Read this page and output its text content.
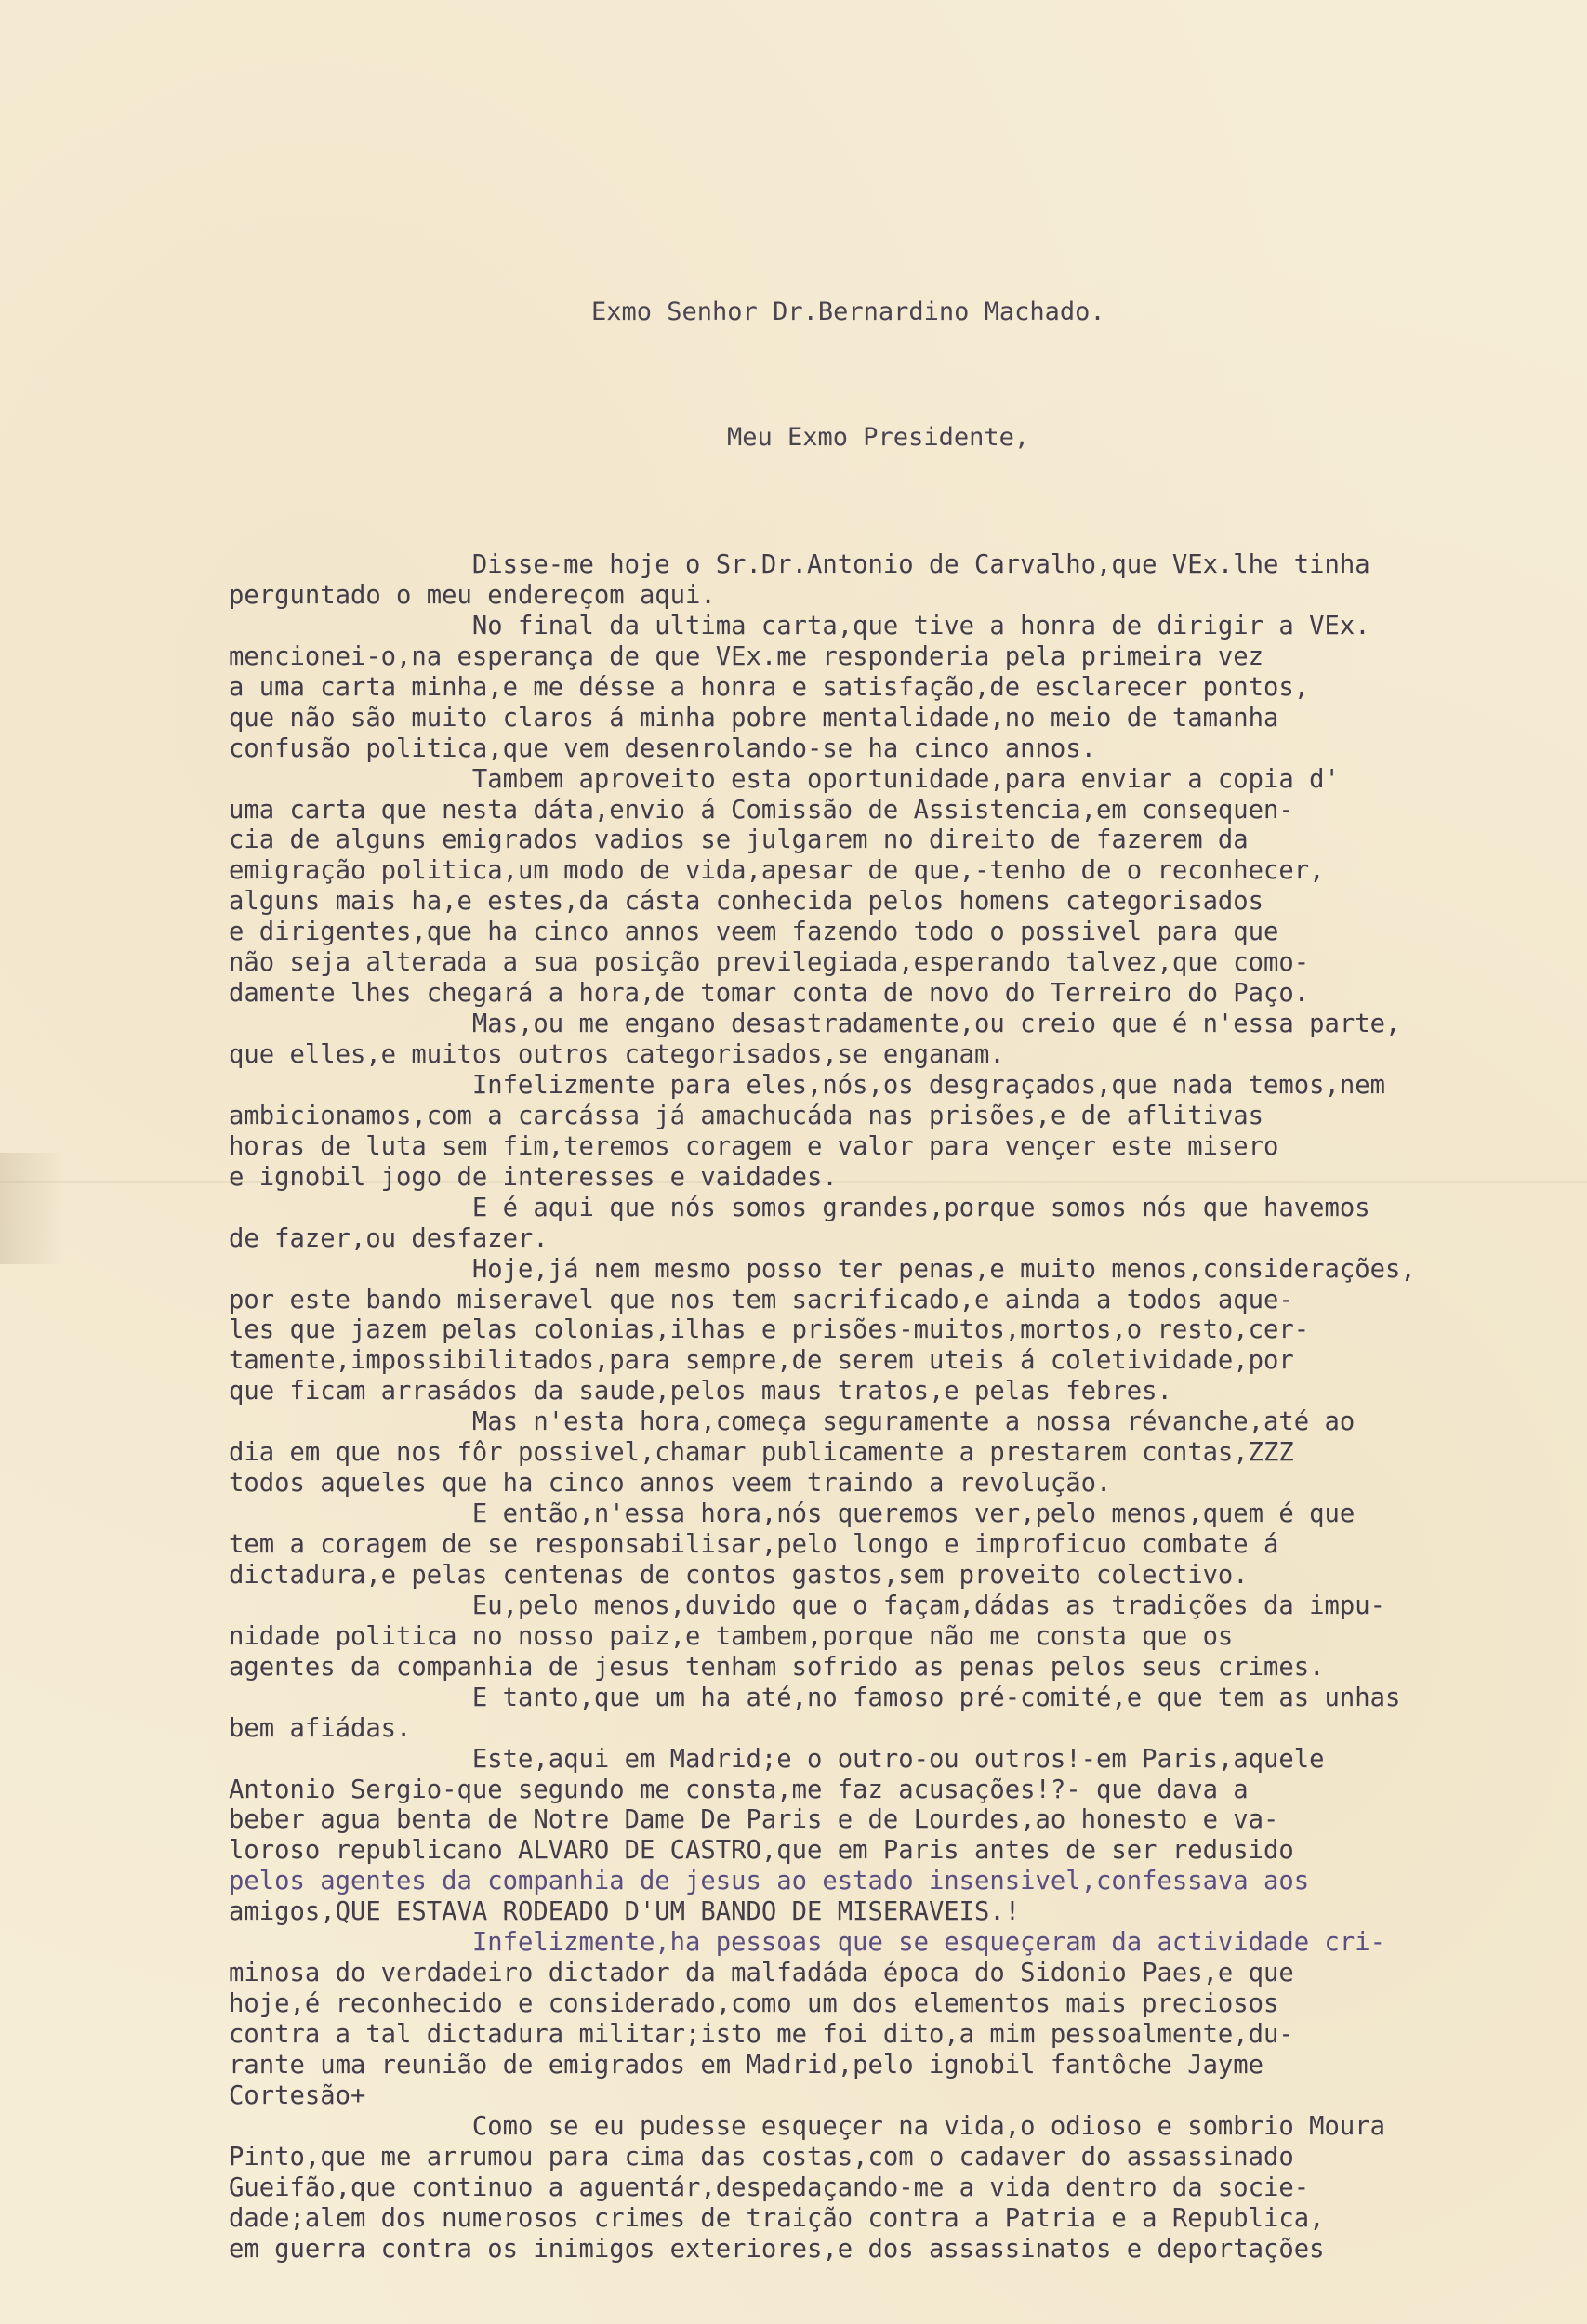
Exmo Senhor Dr.Bernardino Machado.
Meu Exmo Presidente,
Disse-me hoje o Sr.Dr.Antonio de Carvalho,que VEx.lhe tinha
perguntado o meu endereçom aqui.
No final da ultima carta,que tive a honra de dirigir a VEx.
mencionei-o,na esperança de que VEx.me responderia pela primeira vez
a uma carta minha,e me désse a honra e satisfação,de esclarecer pontos,
que não são muito claros á minha pobre mentalidade,no meio de tamanha
confusão politica,que vem desenrolando-se ha cinco annos.
Tambem aproveito esta oportunidade,para enviar a copia d'
uma carta que nesta dáta,envio á Comissão de Assistencia,em consequen-
cia de alguns emigrados vadios se julgarem no direito de fazerem da
emigração politica,um modo de vida,apesar de que,-tenho de o reconhecer,
alguns mais ha,e estes,da cásta conhecida pelos homens categorisados
e dirigentes,que ha cinco annos veem fazendo todo o possivel para que
não seja alterada a sua posição previlegiada,esperando talvez,que como-
damente lhes chegará a hora,de tomar conta de novo do Terreiro do Paço.
Mas,ou me engano desastradamente,ou creio que é n'essa parte,
que elles,e muitos outros categorisados,se enganam.
Infelizmente para eles,nós,os desgraçados,que nada temos,nem
ambicionamos,com a carcássa já amachucáda nas prisões,e de aflitivas
horas de luta sem fim,teremos coragem e valor para vençer este misero
e ignobil jogo de interesses e vaidades.
E é aqui que nós somos grandes,porque somos nós que havemos
de fazer,ou desfazer.
Hoje,já nem mesmo posso ter penas,e muito menos,considerações,
por este bando miseravel que nos tem sacrificado,e ainda a todos aque-
les que jazem pelas colonias,ilhas e prisões-muitos,mortos,o resto,cer-
tamente,impossibilitados,para sempre,de serem uteis á coletividade,por
que ficam arrasádos da saude,pelos maus tratos,e pelas febres.
Mas n'esta hora,começa seguramente a nossa révanche,até ao
dia em que nos fôr possivel,chamar publicamente a prestarem contas,ZZZ
todos aqueles que ha cinco annos veem traindo a revolução.
E então,n'essa hora,nós queremos ver,pelo menos,quem é que
tem a coragem de se responsabilisar,pelo longo e improficuo combate á
dictadura,e pelas centenas de contos gastos,sem proveito colectivo.
Eu,pelo menos,duvido que o façam,dádas as tradições da impu-
nidade politica no nosso paiz,e tambem,porque não me consta que os
agentes da companhia de jesus tenham sofrido as penas pelos seus crimes.
E tanto,que um ha até,no famoso pré-comité,e que tem as unhas
bem afiádas.
Este,aqui em Madrid;e o outro-ou outros!-em Paris,aquele
Antonio Sergio-que segundo me consta,me faz acusações!?- que dava a
beber agua benta de Notre Dame De Paris e de Lourdes,ao honesto e va-
loroso republicano ALVARO DE CASTRO,que em Paris antes de ser redusido
pelos agentes da companhia de jesus ao estado insensivel,confessava aos
amigos,QUE ESTAVA RODEADO D'UM BANDO DE MISERAVEIS.!
Infelizmente,ha pessoas que se esqueçeram da actividade cri-
minosa do verdadeiro dictador da malfadáda época do Sidonio Paes,e que
hoje,é reconhecido e considerado,como um dos elementos mais preciosos
contra a tal dictadura militar;isto me foi dito,a mim pessoalmente,du-
rante uma reunião de emigrados em Madrid,pelo ignobil fantôche Jayme
Cortesão+
Como se eu pudesse esqueçer na vida,o odioso e sombrio Moura
Pinto,que me arrumou para cima das costas,com o cadaver do assassinado
Gueifão,que continuo a aguentár,despedaçando-me a vida dentro da socie-
dade;alem dos numerosos crimes de traição contra a Patria e a Republica,
em guerra contra os inimigos exteriores,e dos assassinatos e deportações
